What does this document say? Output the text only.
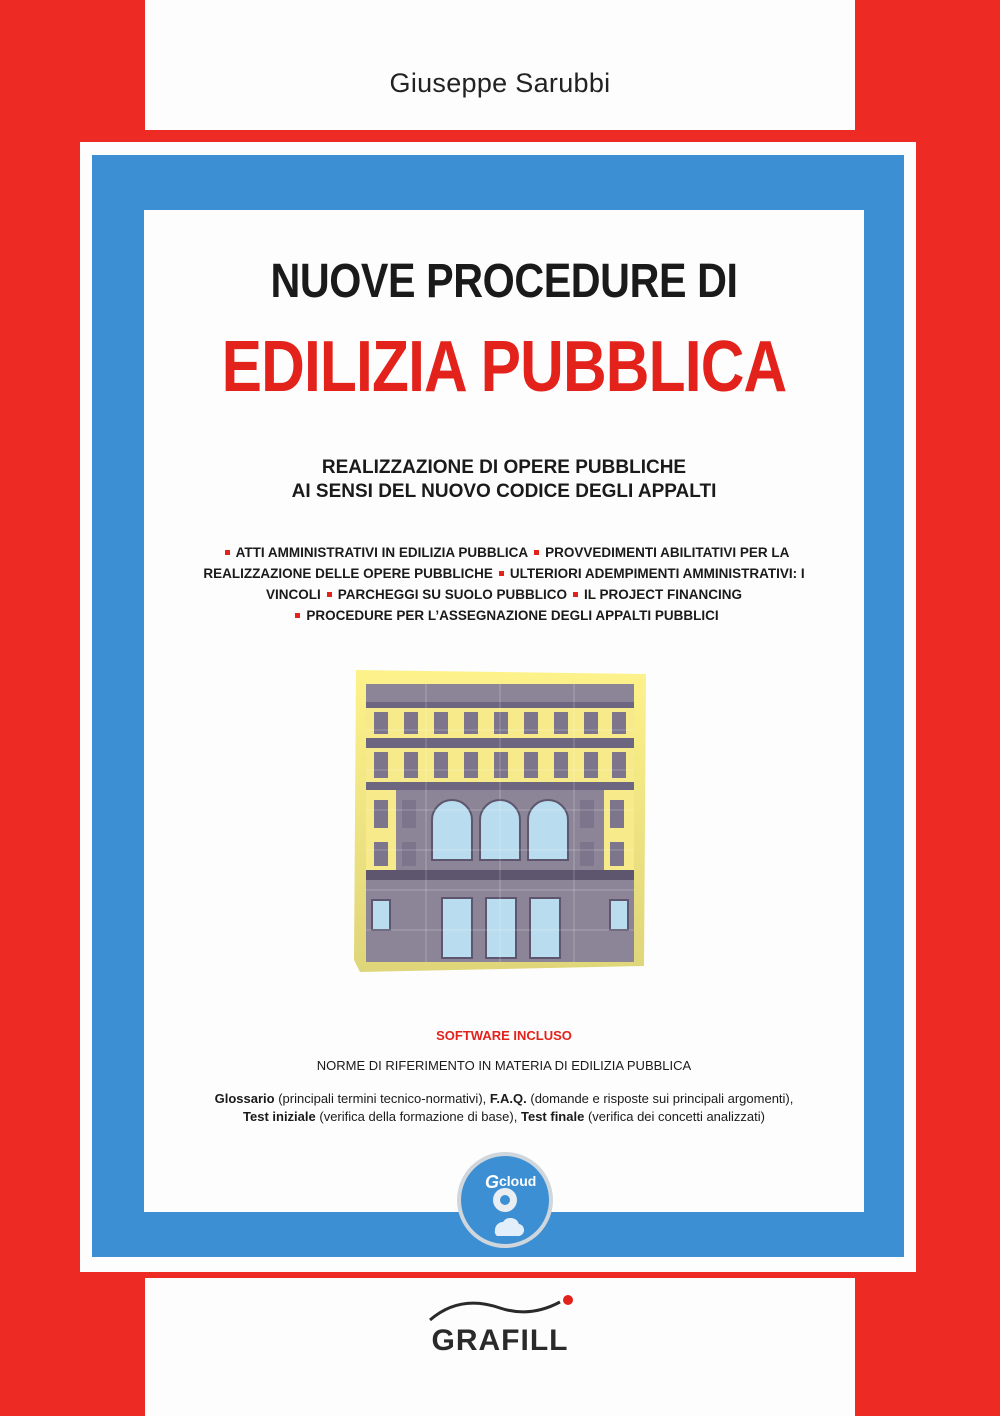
Giuseppe Sarubbi
NUOVE PROCEDURE DI
EDILIZIA PUBBLICA
REALIZZAZIONE DI OPERE PUBBLICHE
AI SENSI DEL NUOVO CODICE DEGLI APPALTI
ATTI AMMINISTRATIVI IN EDILIZIA PUBBLICA PROVVEDIMENTI ABILITATIVI PER LA REALIZZAZIONE DELLE OPERE PUBBLICHE ULTERIORI ADEMPIMENTI AMMINISTRATIVI: I VINCOLI PARCHEGGI SU SUOLO PUBBLICO IL PROJECT FINANCING
PROCEDURE PER L’ASSEGNAZIONE DEGLI APPALTI PUBBLICI
SOFTWARE INCLUSO
NORME DI RIFERIMENTO IN MATERIA DI EDILIZIA PUBBLICA
Glossario (principali termini tecnico-normativi), F.A.Q. (domande e risposte sui principali argomenti),
Test iniziale (verifica della formazione di base), Test finale (verifica dei concetti analizzati)
G cloud
GRAFILL
